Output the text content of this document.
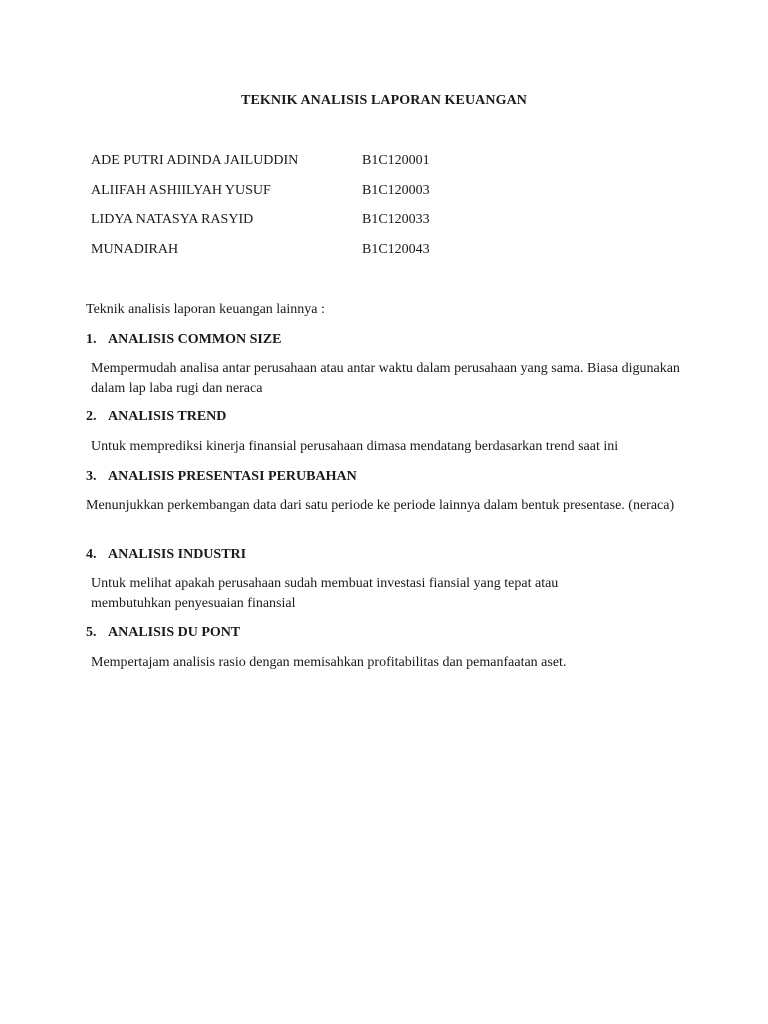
TEKNIK ANALISIS LAPORAN KEUANGAN
ADE PUTRI ADINDA JAILUDDIN	B1C120001
ALIIFAH ASHIILYAH YUSUF	B1C120003
LIDYA NATASYA RASYID	B1C120033
MUNADIRAH	B1C120043
Teknik analisis laporan keuangan lainnya :
1. ANALISIS COMMON SIZE
Mempermudah analisa antar perusahaan atau antar waktu dalam perusahaan yang sama. Biasa digunakan dalam lap laba rugi dan neraca
2. ANALISIS TREND
Untuk memprediksi kinerja finansial perusahaan dimasa mendatang berdasarkan trend saat ini
3. ANALISIS PRESENTASI PERUBAHAN
Menunjukkan perkembangan data dari satu periode ke periode lainnya dalam bentuk presentase. (neraca)
4. ANALISIS INDUSTRI
Untuk melihat apakah perusahaan sudah membuat investasi fiansial yang tepat atau membutuhkan penyesuaian finansial
5. ANALISIS DU PONT
Mempertajam analisis rasio dengan memisahkan profitabilitas dan pemanfaatan aset.
